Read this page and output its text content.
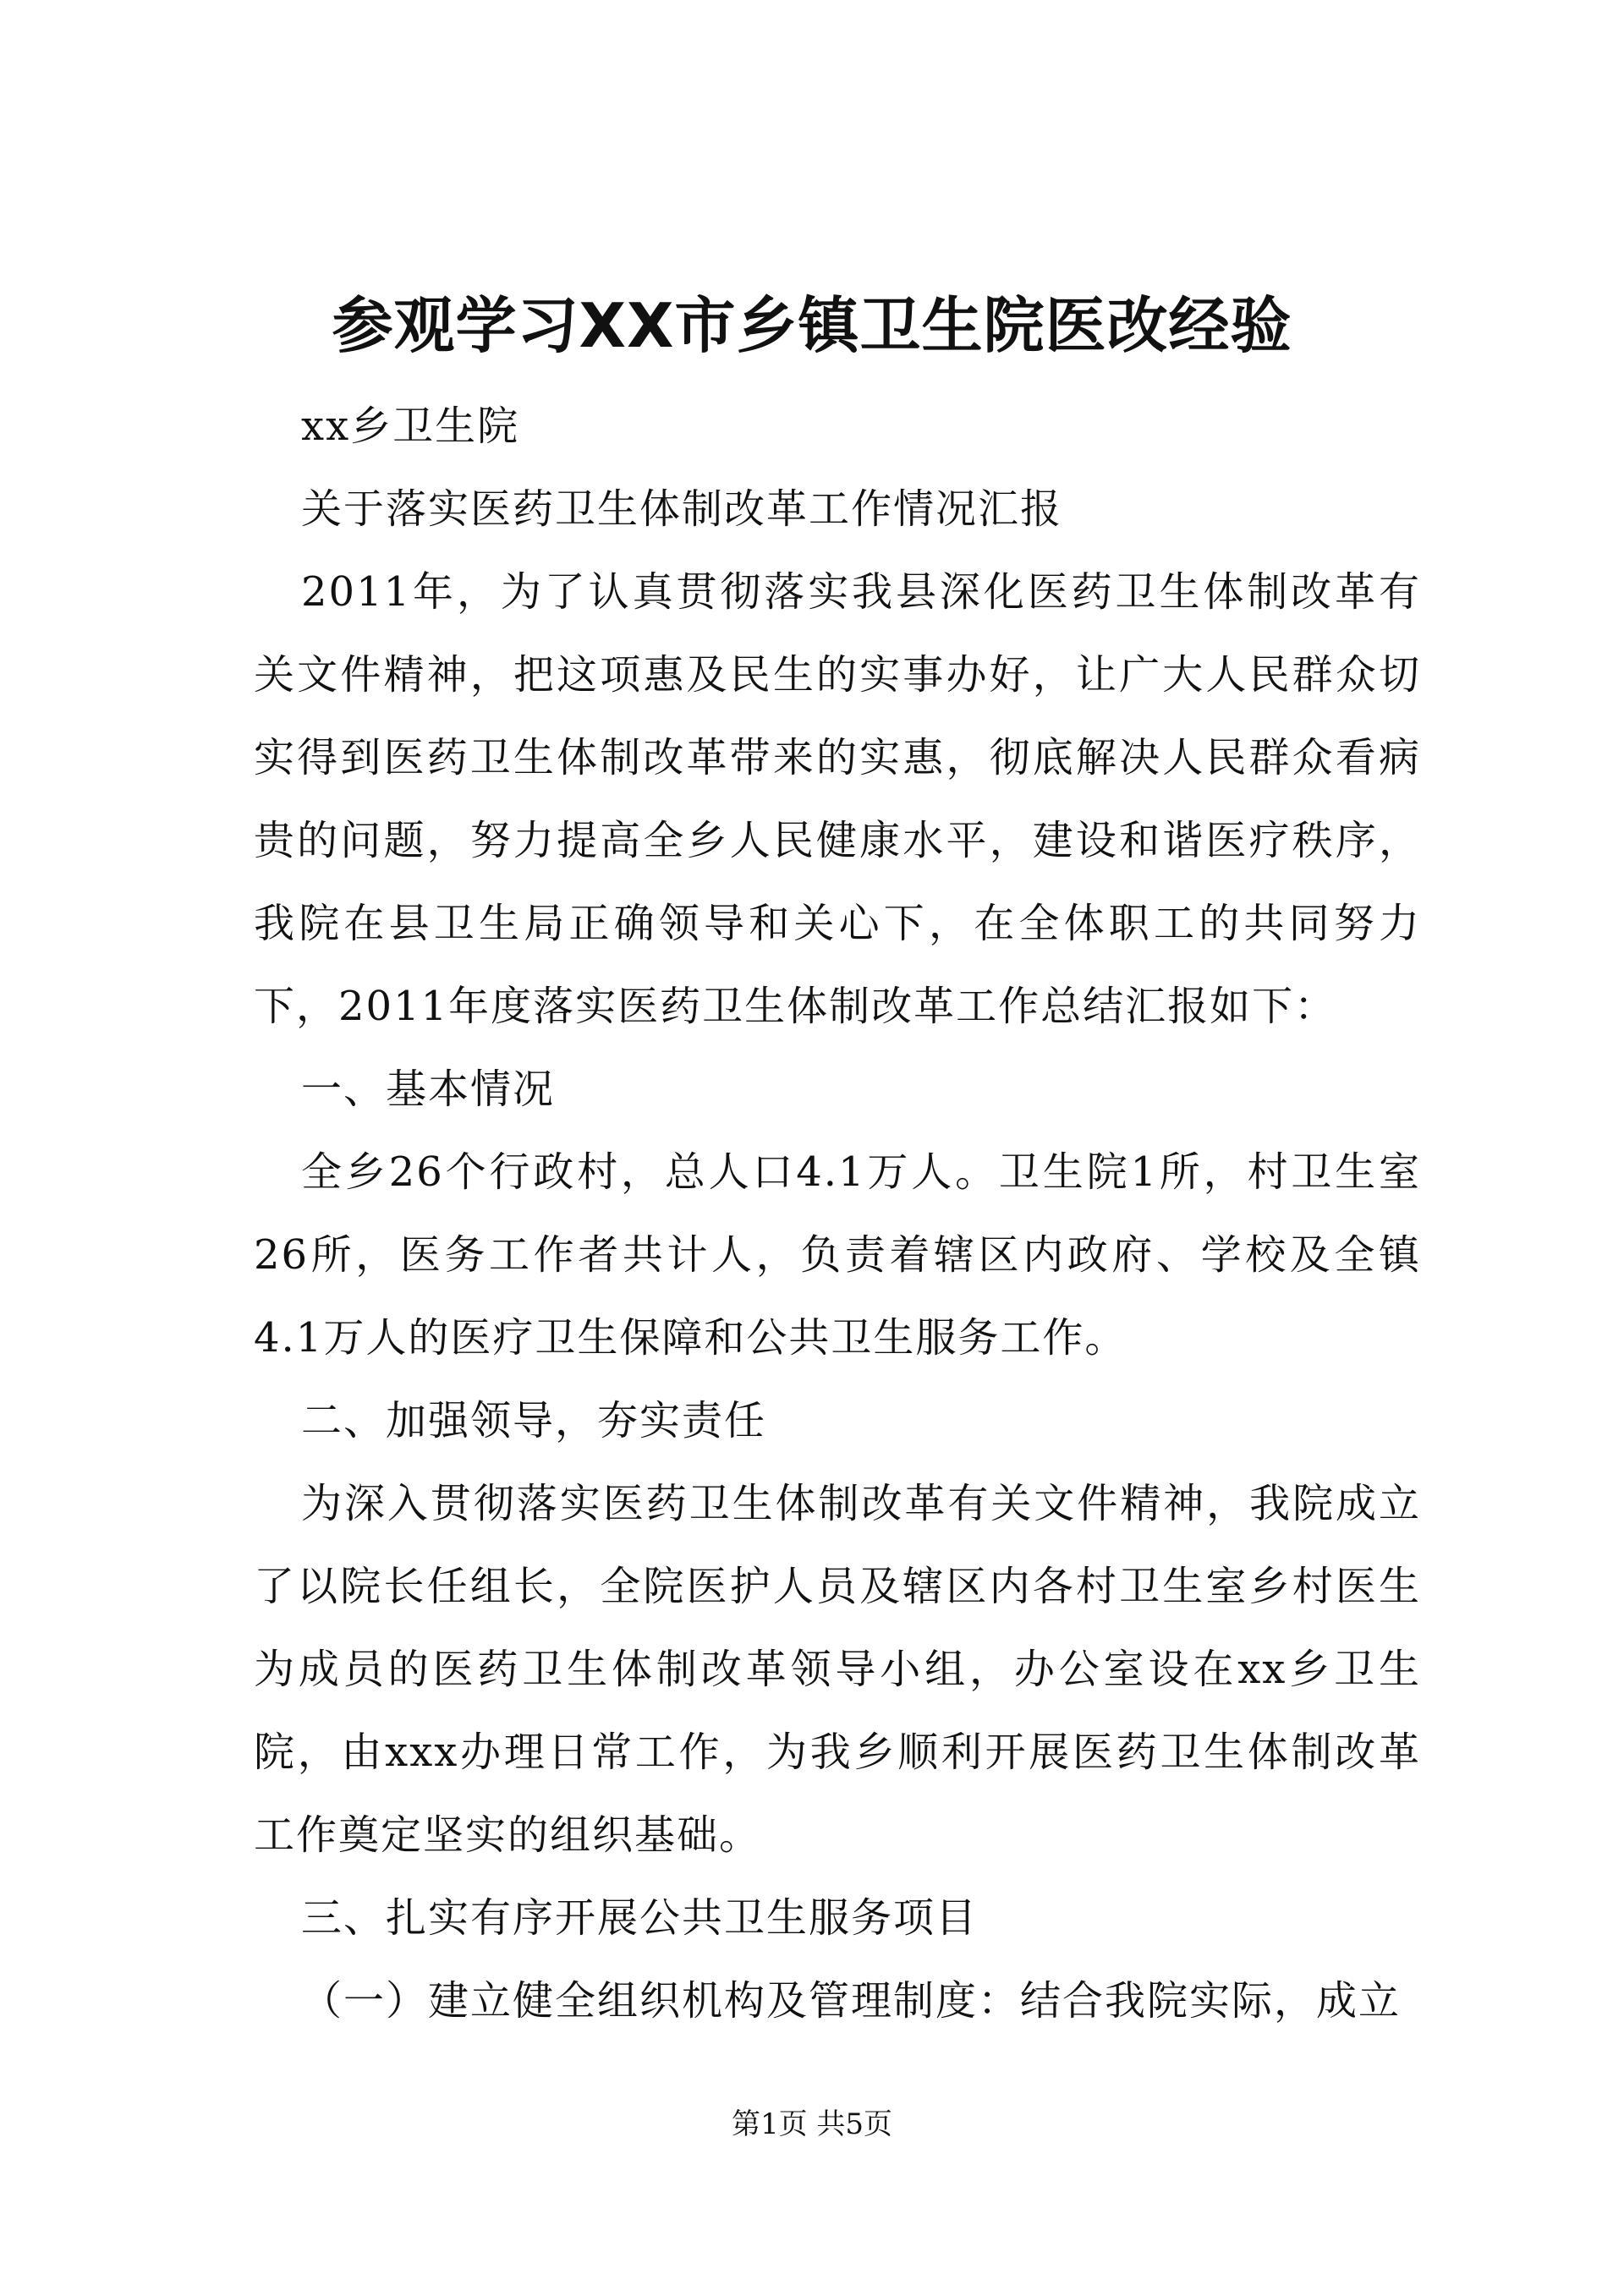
参观学习XX市乡镇卫生院医改经验

xx乡卫生院

关于落实医药卫生体制改革工作情况汇报

2011年，为了认真贯彻落实我县深化医药卫生体制改革有关文件精神，把这项惠及民生的实事办好，让广大人民群众切实得到医药卫生体制改革带来的实惠，彻底解决人民群众看病贵的问题，努力提高全乡人民健康水平，建设和谐医疗秩序，我院在县卫生局正确领导和关心下，在全体职工的共同努力下，2011年度落实医药卫生体制改革工作总结汇报如下：

一、基本情况

全乡26个行政村，总人口4.1万人。卫生院1所，村卫生室26所，医务工作者共计人，负责着辖区内政府、学校及全镇4.1万人的医疗卫生保障和公共卫生服务工作。

二、加强领导，夯实责任

为深入贯彻落实医药卫生体制改革有关文件精神，我院成立了以院长任组长，全院医护人员及辖区内各村卫生室乡村医生为成员的医药卫生体制改革领导小组，办公室设在xx乡卫生院，由xxx办理日常工作，为我乡顺利开展医药卫生体制改革工作奠定坚实的组织基础。

三、扎实有序开展公共卫生服务项目

（一）建立健全组织机构及管理制度：结合我院实际，成立

第1页 共5页
